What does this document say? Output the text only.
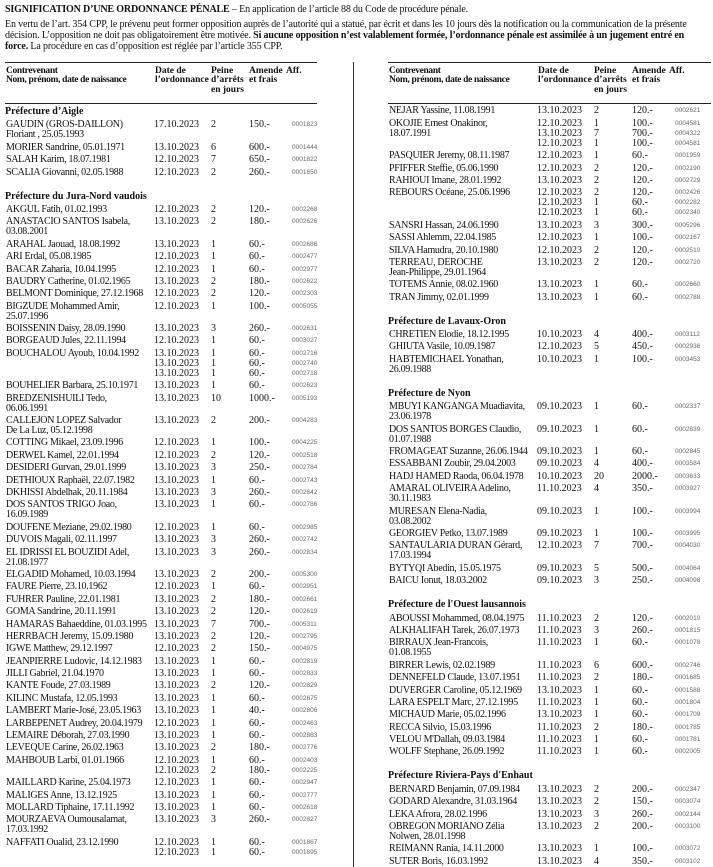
SIGNIFICATION D’UNE ORDONNANCE PÉNALE – En application de l’article 88 du Code de procédure pénale.
En vertu de l’art. 354 CPP, le prévenu peut former opposition auprès de l’autorité qui a statué, par écrit et dans les 10 jours dès la notification ou la communication de la présente
décision. L’opposition ne doit pas obligatoirement être motivée. Si aucune opposition n’est valablement formée, l’ordonnance pénale est assimilée à un jugement entré en
force. La procédure en cas d’opposition est réglée par l’article 355 CPP.
Contrevenant
Nom, prénom, date de naissance
Date de
l’ordonnance
Peine
d’arrêts
en jours
Amende
et frais
Aff.
Préfecture d’Aigle
GAUDIN (GROS-DAILLON)
Floriant , 25.05.1993
17.10.2023 2	150.-	0001823
MORIER Sandrine, 05.01.1971	13.10.2023 6	600.-	0001444
SALAH Karim, 18.07.1981	12.10.2023 7	650.-	0001822
SCALIA Giovanni, 02.05.1988	12.10.2023 2	260.-	0001650
Préfecture du Jura-Nord vaudois
AKGUL Fatih, 01.02.1993	12.10.2023 2	120.-	0002268
ANASTACIO SANTOS Isabela,
03.08.2001
13.10.2023 2	180.-	0002626
ARAHAL Jaouad, 18.08.1992	13.10.2023 1	60.-	0002686
ARI Erdal, 05.08.1985	12.10.2023 1	60.-	0002477
BACAR Zaharia, 10.04.1995	12.10.2023 1	60.-	0002977
BAUDRY Catherine, 01.02.1965	13.10.2023 2	180.-	0002622
BELMONT Dominique, 27.12.1968	12.10.2023 2	120.-	0002303
BIGZUDE Mohammed Amir,
25.07.1996
12.10.2023 1	100.-	0005055
BOISSENIN Daisy, 28.09.1990	13.10.2023 3	260.-	0002631
BORGEAUD Jules, 22.11.1994	12.10.2023 1	60.-	0003027
BOUCHALOU Ayoub, 10.04.1992	13.10.2023 1	60.-	0002716
13.10.2023 1	60.-	0002740
13.10.2023 1	60.-	0002718
BOUHELIER Barbara, 25.10.1971	13.10.2023 1	60.-	0002623
BREDZENISHUILI Tedo,
06.06.1991
13.10.2023 10	1000.-	0005193
CALLEJON LOPEZ Salvador
De La Luz, 05.12.1998
13.10.2023 2	200.-	0004283
COTTING Mikael, 23.09.1996	12.10.2023 1	100.-	0004225
DERWEL Kamel, 22.01.1994	12.10.2023 2	120.-	0002518
DESIDERI Gurvan, 29.01.1999	13.10.2023 3	250.-	0002784
DETHIOUX Raphaël, 22.07.1982	13.10.2023 1	60.-	0002743
DKHISSI Abdelhak, 20.11.1984	13.10.2023 3	260.-	0002642
DOS SANTOS TRIGO Joao,
16.09.1989
13.10.2023 1	60.-	0002786
DOUFENE Meziane, 29.02.1980	12.10.2023 1	60.-	0002985
DUVOIS Magali, 02.11.1997	13.10.2023 3	260.-	0002742
EL IDRISSI EL BOUZIDI Adel,
21.08.1977
13.10.2023 3	260.-	0002834
ELGADID Mohamed, 10.03.1994	13.10.2023 2	200.-	0005300
FAURE Pierre, 23.10.1962	12.10.2023 1	60.-	0002951
FUHRER Pauline, 22.01.1981	13.10.2023 2	180.-	0002661
GOMA Sandrine, 20.11.1991	13.10.2023 2	120.-	0002619
HAMARAS Bahaeddine, 01.03.1995 13.10.2023 7	700.-	0005311
HERRBACH Jeremy, 15.09.1980	13.10.2023 2	120.-	0002795
IGWE Matthew, 29.12.1997	12.10.2023 2	150.-	0004975
JEANPIERRE Ludovic, 14.12.1983	13.10.2023 1	60.-	0002819
JILLI Gabriel, 21.04.1970	13.10.2023 1	60.-	0002833
KANTE Foude, 27.03.1989	13.10.2023 2	120.-	0002829
KILINC Mustafa, 12.05.1993	13.10.2023 1	60.-	0002675
LAMBERT Marie-José, 23.05.1963	13.10.2023 1	40.-	0002806
LARBEPENET Audrey, 20.04.1979	12.10.2023 1	60.-	0002463
LEMAIRE Déborah, 27.03.1990	13.10.2023 1	60.-	0002863
LEVEQUE Carine, 26.02.1963	13.10.2023 2	180.-	0002776
MAHBOUB Larbi, 01.01.1966	12.10.2023 1	60.-	0002403
12.10.2023 2	180.-	0002225
MAILLARD Karine, 25.04.1973	12.10.2023 1	60.-	0002947
MALIGES Anne, 13.12.1925	13.10.2023 1	60.-	0002777
MOLLARD Tiphaine, 17.11.1992	13.10.2023 1	60.-	0002618
MOURZAEVA Oumousalamat,
17.03.1992
13.10.2023 3	260.-	0002827
NAFFATI Oualid, 23.12.1990	12.10.2023 1	60.-	0001867
12.10.2023 1	60.-	0001895
Contrevenant
Nom, prénom, date de naissance
Date de
l’ordonnance
Peine
d’arrêts
en jours
Amende
et frais
Aff.
NEJAR Yassine, 11.08.1991	13.10.2023 2	120.-	0002621
OKOJIE Ernest Onakinor,
18.07.1991
12.10.2023 1	100.-	0004581
13.10.2023 7	700.-	0004322
12.10.2023 1	100.-	0004581
PASQUIER Jeremy, 08.11.1987	12.10.2023 1	60.-	0001959
PFIFFER Steffie, 05.06.1990	12.10.2023 2	120.-	0002190
RAHIOUI Imane, 28.01.1992	13.10.2023 2	120.-	0002729
REBOURS Océane, 25.06.1996	12.10.2023 2	120.-	0002426
12.10.2023 1	60.-	0002282
12.10.2023 1	60.-	0002340
SANSRI Hassan, 24.06.1990	13.10.2023 3	300.-	0005296
SASSI Ahlemm, 22.04.1985	12.10.2023 1	100.-	0002167
SILVA Hamudra, 20.10.1980	12.10.2023 2	120.-	0002510
TERREAU, DEROCHE
Jean-Philippe, 29.01.1964
13.10.2023 2	120.-	0002720
TOTEMS Annie, 08.02.1960	13.10.2023 1	60.-	0002660
TRAN Jimmy, 02.01.1999	13.10.2023 1	60.-	0002788
Préfecture de Lavaux-Oron
CHRETIEN Elodie, 18.12.1995	10.10.2023 4	400.-	0003112
GHIUTA Vasile, 10.09.1987	12.10.2023 5	450.-	0002936
HABTEMICHAEL Yonathan,
26.09.1988
10.10.2023 1	100.-	0003453
Préfecture de Nyon
MBUYI KANGANGA Muadiavita,
23.06.1978
09.10.2023 1	60.-	0002337
DOS SANTOS BORGES Claudio,
01.07.1988
09.10.2023 1	60.-	0002839
FROMAGEAT Suzanne, 26.06.1944 09.10.2023 1	60.-	0002845
ESSABBANI Zoubir, 29.04.2003	09.10.2023 4	400.-	0003584
HADJ HAMED Raoda, 06.04.1978	10.10.2023 20	2000.-	0003633
AMARAL OLIVEIRA Adelino,
30.11.1983
11.10.2023 4	350.-	0003927
MURESAN Elena-Nadia,
03.08.2002
09.10.2023 1	100.-	0003994
GEORGIEV Petko, 13.07.1989	09.10.2023 1	100.-	0003995
SANTAULARIA DURAN Gérard,
17.03.1994
12.10.2023 7	700.-	0004030
BYTYQI Abedin, 15.05.1975	09.10.2023 5	500.-	0004064
BAICU Ionut, 18.03.2002	09.10.2023 3	250.-	0004098
Préfecture de l'Ouest lausannois
ABOUSSI Mohammed, 08.04.1975	11.10.2023 2	120.-	0002010
ALKHALIFAH Tarek, 26.07.1973	11.10.2023 3	260.-	0001815
BIRRAUX Jean-Francois,
01.08.1955
11.10.2023 1	60.-	0001078
BIRRER Lewis, 02.02.1989	11.10.2023 6	600.-	0002746
DENNEFELD Claude, 13.07.1951	11.10.2023 2	180.-	0001685
DUVERGER Caroline, 05.12.1969	13.10.2023 1	60.-	0001588
LARA ESPELT Marc, 27.12.1995	11.10.2023 1	60.-	0001804
MICHAUD Marie, 05.02.1996	13.10.2023 1	60.-	0001709
RECCA Silvio, 15.03.1996	11.10.2023 2	180.-	0001785
VELOU M'Dallah, 09.03.1984	11.10.2023 1	60.-	0001781
WOLFF Stephane, 26.09.1992	11.10.2023 1	60.-	0002005
Préfecture Riviera-Pays d'Enhaut
BERNARD Benjamin, 07.09.1984	13.10.2023 2	200.-	0002347
GODARD Alexandre, 31.03.1964	13.10.2023 2	150.-	0003074
LEKA Afrora, 28.02.1996	13.10.2023 3	260.-	0002144
OBREGON MORIANO Zélia
Nolwen, 28.01.1998
13.10.2023 2	200.-	0003100
REIMANN Rania, 14.11.2000	13.10.2023 1	100.-	0003072
SUTER Boris, 16.03.1992	13.10.2023 4	350.-	0003102
